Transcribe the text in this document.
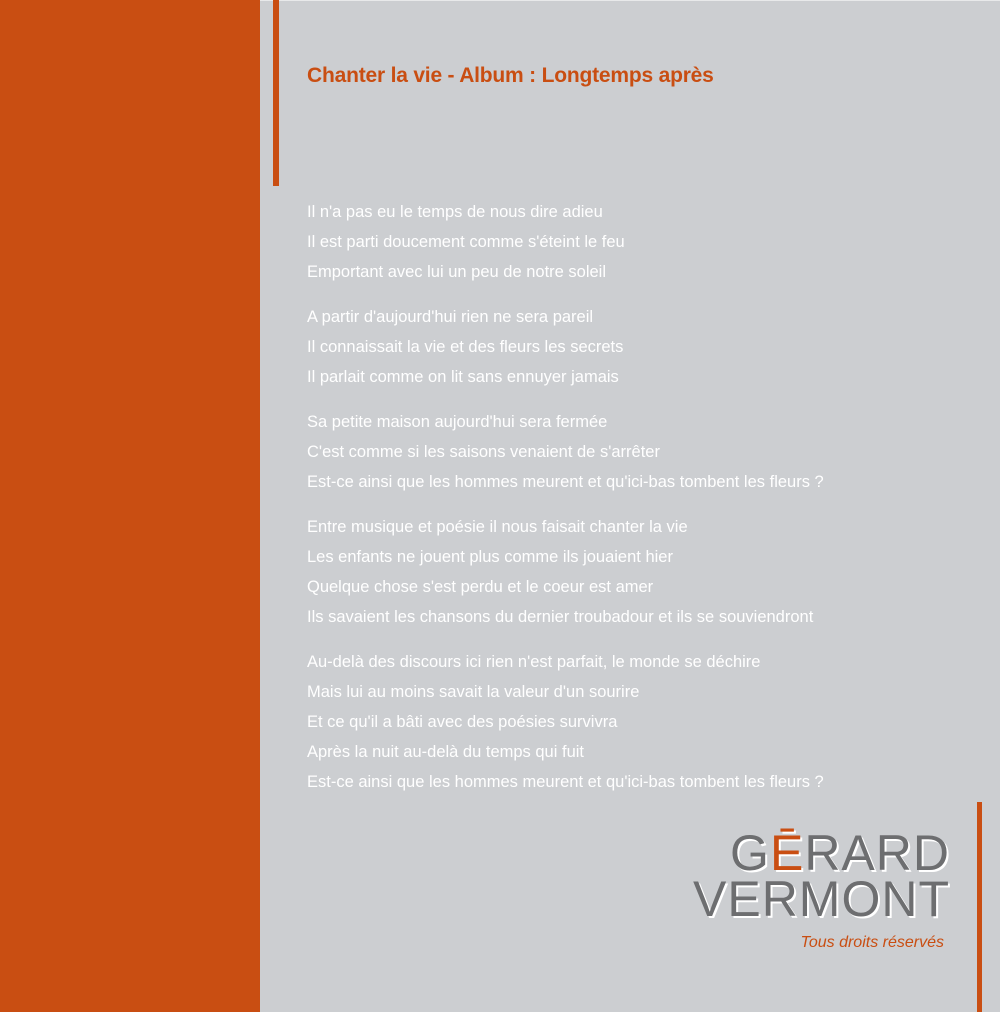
Chanter la vie - Album : Longtemps après
Il n'a pas eu le temps de nous dire adieu
Il est parti doucement comme s'éteint le feu
Emportant avec lui un peu de notre soleil
A partir d'aujourd'hui rien ne sera pareil
Il connaissait la vie et des fleurs les secrets
Il parlait comme on lit sans ennuyer jamais
Sa petite maison aujourd'hui sera fermée
C'est comme si les saisons venaient de s'arrêter
Est-ce ainsi que les hommes meurent et qu'ici-bas tombent les fleurs ?
Entre musique et poésie il nous faisait chanter la vie
Les enfants ne jouent plus comme ils jouaient hier
Quelque chose s'est perdu et le coeur est amer
Ils savaient les chansons du dernier troubadour et ils se souviendront
Au-delà des discours ici rien n'est parfait, le monde se déchire
Mais lui au moins savait la valeur d'un sourire
Et ce qu'il a bâti avec des poésies survivra
Après la nuit au-delà du temps qui fuit
Est-ce ainsi que les hommes meurent et qu'ici-bas tombent les fleurs ?
GĒRARD
VERMONT
Tous droits réservés
